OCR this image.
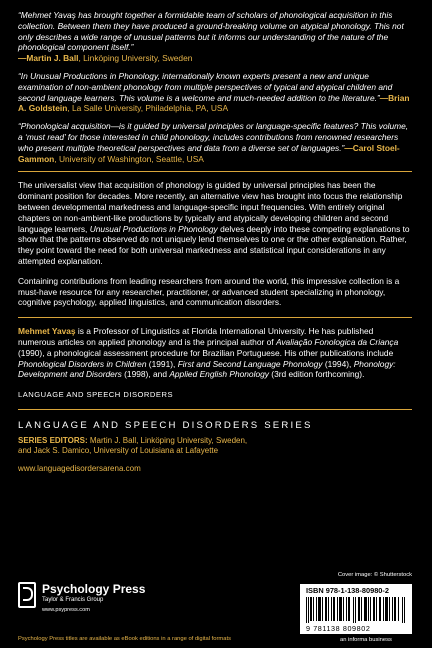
“Mehmet Yavaş has brought together a formidable team of scholars of phonological acquisition in this collection. Between them they have produced a ground-breaking volume on atypical phonology. This not only describes a wide range of unusual patterns but it informs our understanding of the nature of the phonological component itself.”
—Martin J. Ball, Linköping University, Sweden
“In Unusual Productions in Phonology, internationally known experts present a new and unique examination of non-ambient phonology from multiple perspectives of typical and atypical children and second language learners. This volume is a welcome and much-needed addition to the literature.”—Brian A. Goldstein, La Salle University, Philadelphia, PA, USA
“Phonological acquisition—is it guided by universal principles or language-specific features? This volume, a ‘must read’ for those interested in child phonology, includes contributions from renowned researchers who present multiple theoretical perspectives and data from a diverse set of languages.”—Carol Stoel-Gammon, University of Washington, Seattle, USA
The universalist view that acquisition of phonology is guided by universal principles has been the dominant position for decades. More recently, an alternative view has brought into focus the relationship between developmental markedness and language-specific input frequencies. With entirely original chapters on non-ambient-like productions by typically and atypically developing children and second language learners, Unusual Productions in Phonology delves deeply into these competing explanations to show that the patterns observed do not uniquely lend themselves to one or the other explanation. Rather, they point toward the need for both universal markedness and statistical input considerations in any attempted explanation.
Containing contributions from leading researchers from around the world, this impressive collection is a must-have resource for any researcher, practitioner, or advanced student specializing in phonology, cognitive psychology, applied linguistics, and communication disorders.
Mehmet Yavaş is a Professor of Linguistics at Florida International University. He has published numerous articles on applied phonology and is the principal author of Avaliação Fonologica da Criança (1990), a phonological assessment procedure for Brazilian Portuguese. His other publications include Phonological Disorders in Children (1991), First and Second Language Phonology (1994), Phonology: Development and Disorders (1998), and Applied English Phonology (3rd edition forthcoming).
LANGUAGE AND SPEECH DISORDERS
LANGUAGE AND SPEECH DISORDERS SERIES
SERIES EDITORS: Martin J. Ball, Linköping University, Sweden,
and Jack S. Damico, University of Louisiana at Lafayette
www.languagedisordersarena.com
Psychology Press
Taylor & Francis Group
www.psypress.com
Psychology Press titles are available as eBook editions in a range of digital formats
Cover image: © Shutterstock
ISBN 978-1-138-80980-2
9 781138 809802
an informa business
